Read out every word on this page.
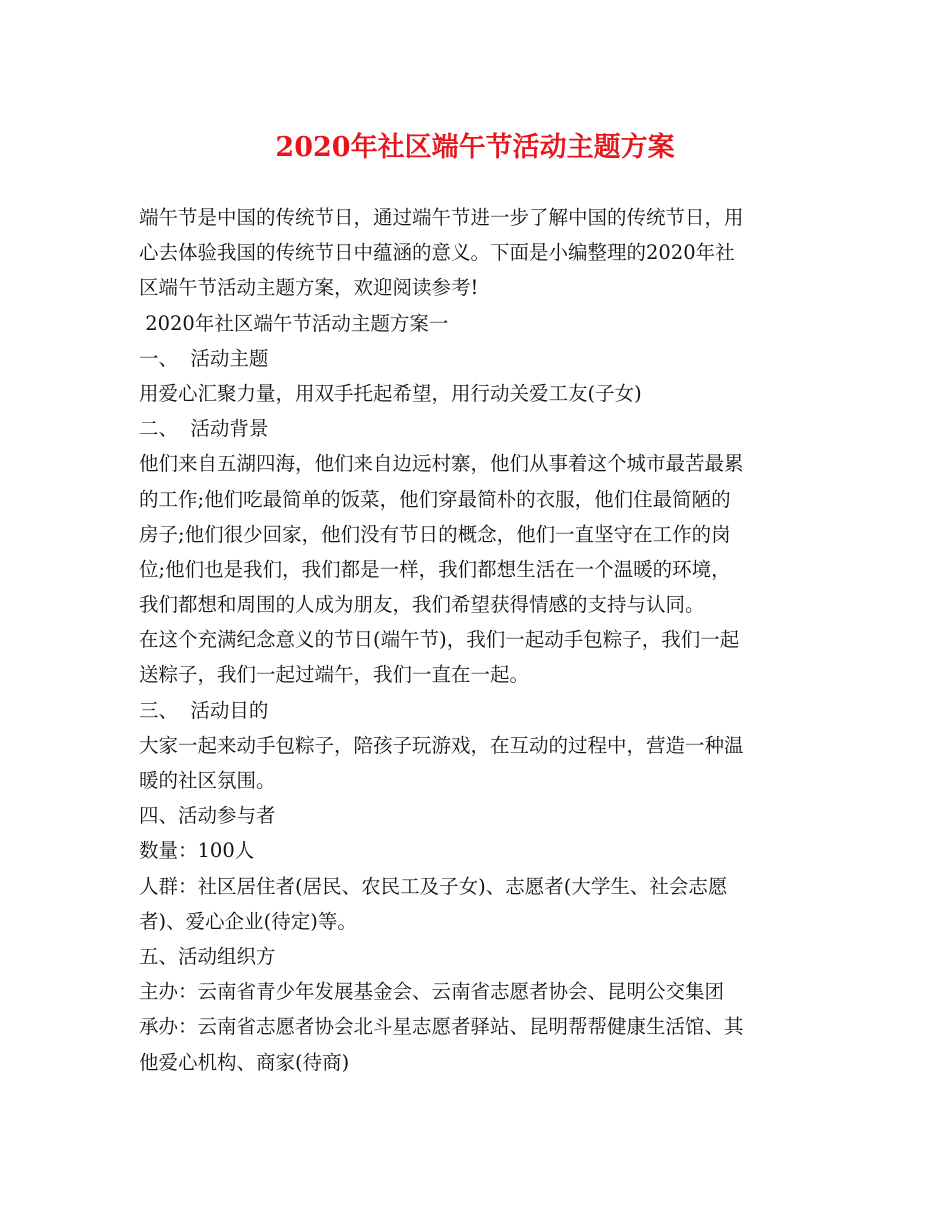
2020年社区端午节活动主题方案
端午节是中国的传统节日，通过端午节进一步了解中国的传统节日，用
心去体验我国的传统节日中蕴涵的意义。下面是小编整理的2020年社
区端午节活动主题方案，欢迎阅读参考!
2020年社区端午节活动主题方案一
一、  活动主题
用爱心汇聚力量，用双手托起希望，用行动关爱工友(子女)
二、  活动背景
他们来自五湖四海，他们来自边远村寨，他们从事着这个城市最苦最累
的工作;他们吃最简单的饭菜，他们穿最简朴的衣服，他们住最简陋的
房子;他们很少回家，他们没有节日的概念，他们一直坚守在工作的岗
位;他们也是我们，我们都是一样，我们都想生活在一个温暖的环境，
我们都想和周围的人成为朋友，我们希望获得情感的支持与认同。
在这个充满纪念意义的节日(端午节)，我们一起动手包粽子，我们一起
送粽子，我们一起过端午，我们一直在一起。
三、  活动目的
大家一起来动手包粽子，陪孩子玩游戏，在互动的过程中，营造一种温
暖的社区氛围。
四、活动参与者
数量：100人
人群：社区居住者(居民、农民工及子女)、志愿者(大学生、社会志愿
者)、爱心企业(待定)等。
五、活动组织方
主办：云南省青少年发展基金会、云南省志愿者协会、昆明公交集团
承办：云南省志愿者协会北斗星志愿者驿站、昆明帮帮健康生活馆、其
他爱心机构、商家(待商)
